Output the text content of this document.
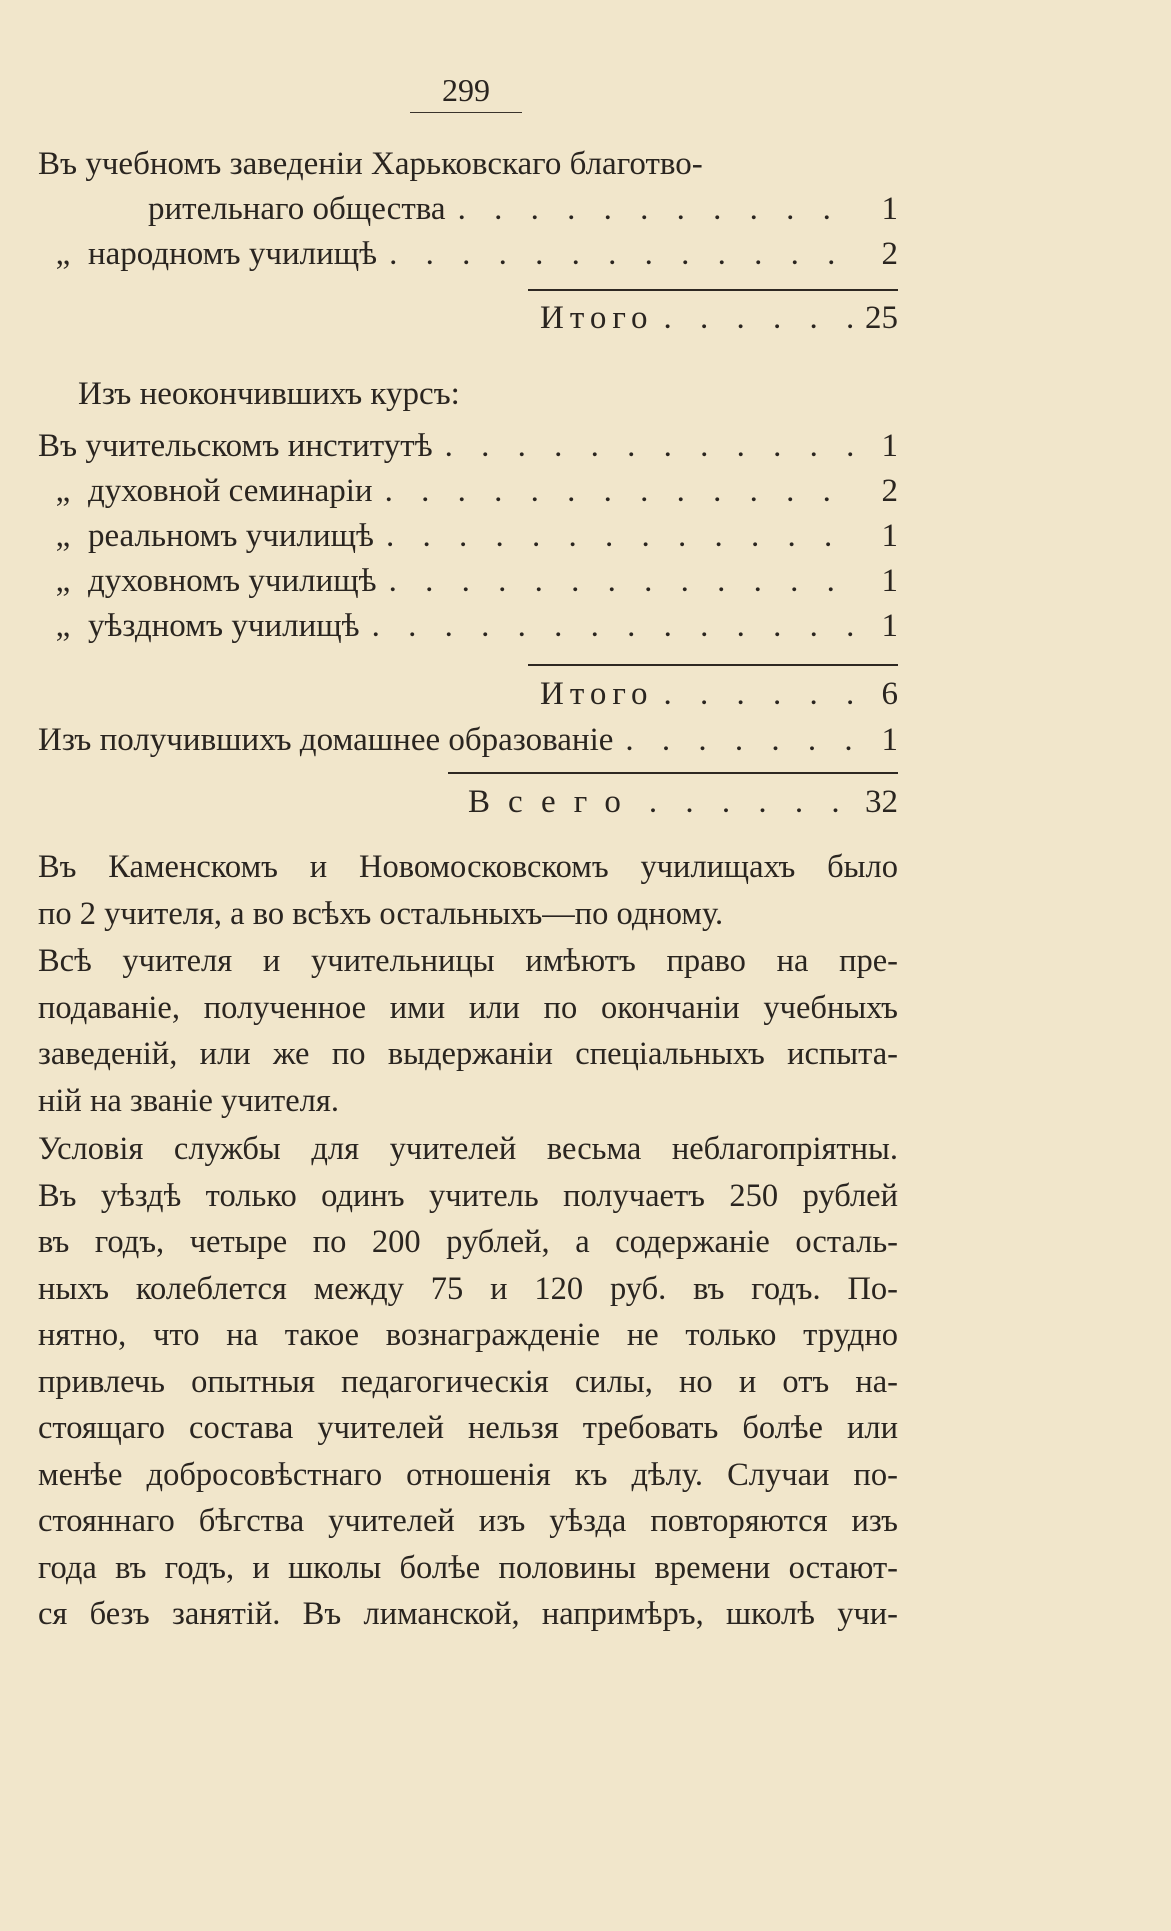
299
Въ учебномъ заведеніи Харьковскаго благотво-
рительнаго общества . . .	1
„ народномъ училищѣ . . .	2
Итого . . .	25
Изъ неокончившихъ курсъ:
Въ учительскомъ институтѣ . . .	1
„ духовной семинаріи . . .	2
„ реальномъ училищѣ . . .	1
„ духовномъ училищѣ . . .	1
„ уѣздномъ училищѣ . . .	1
Итого . . .	6
Изъ получившихъ домашнее образованіе . . .	1
Всего . . .	32
Въ Каменскомъ и Новомосковскомъ училищахъ было
по 2 учителя, а во всѣхъ остальныхъ—по одному.
Всѣ учителя и учительницы имѣютъ право на пре-
подаваніе, полученное ими или по окончаніи учебныхъ
заведеній, или же по выдержаніи спеціальныхъ испыта-
ній на званіе учителя.
Условія службы для учителей весьма неблагопріятны.
Въ уѣздѣ только одинъ учитель получаетъ 250 рублей
въ годъ, четыре по 200 рублей, а содержаніе осталь-
ныхъ колеблется между 75 и 120 руб. въ годъ. По-
нятно, что на такое вознагражденіе не только трудно
привлечь опытныя педагогическія силы, но и отъ на-
стоящаго состава учителей нельзя требовать болѣе или
менѣе добросовѣстнаго отношенія къ дѣлу. Случаи по-
стояннаго бѣгства учителей изъ уѣзда повторяются изъ
года въ годъ, и школы болѣе половины времени остают-
ся безъ занятій. Въ лиманской, напримѣръ, школѣ учи-
